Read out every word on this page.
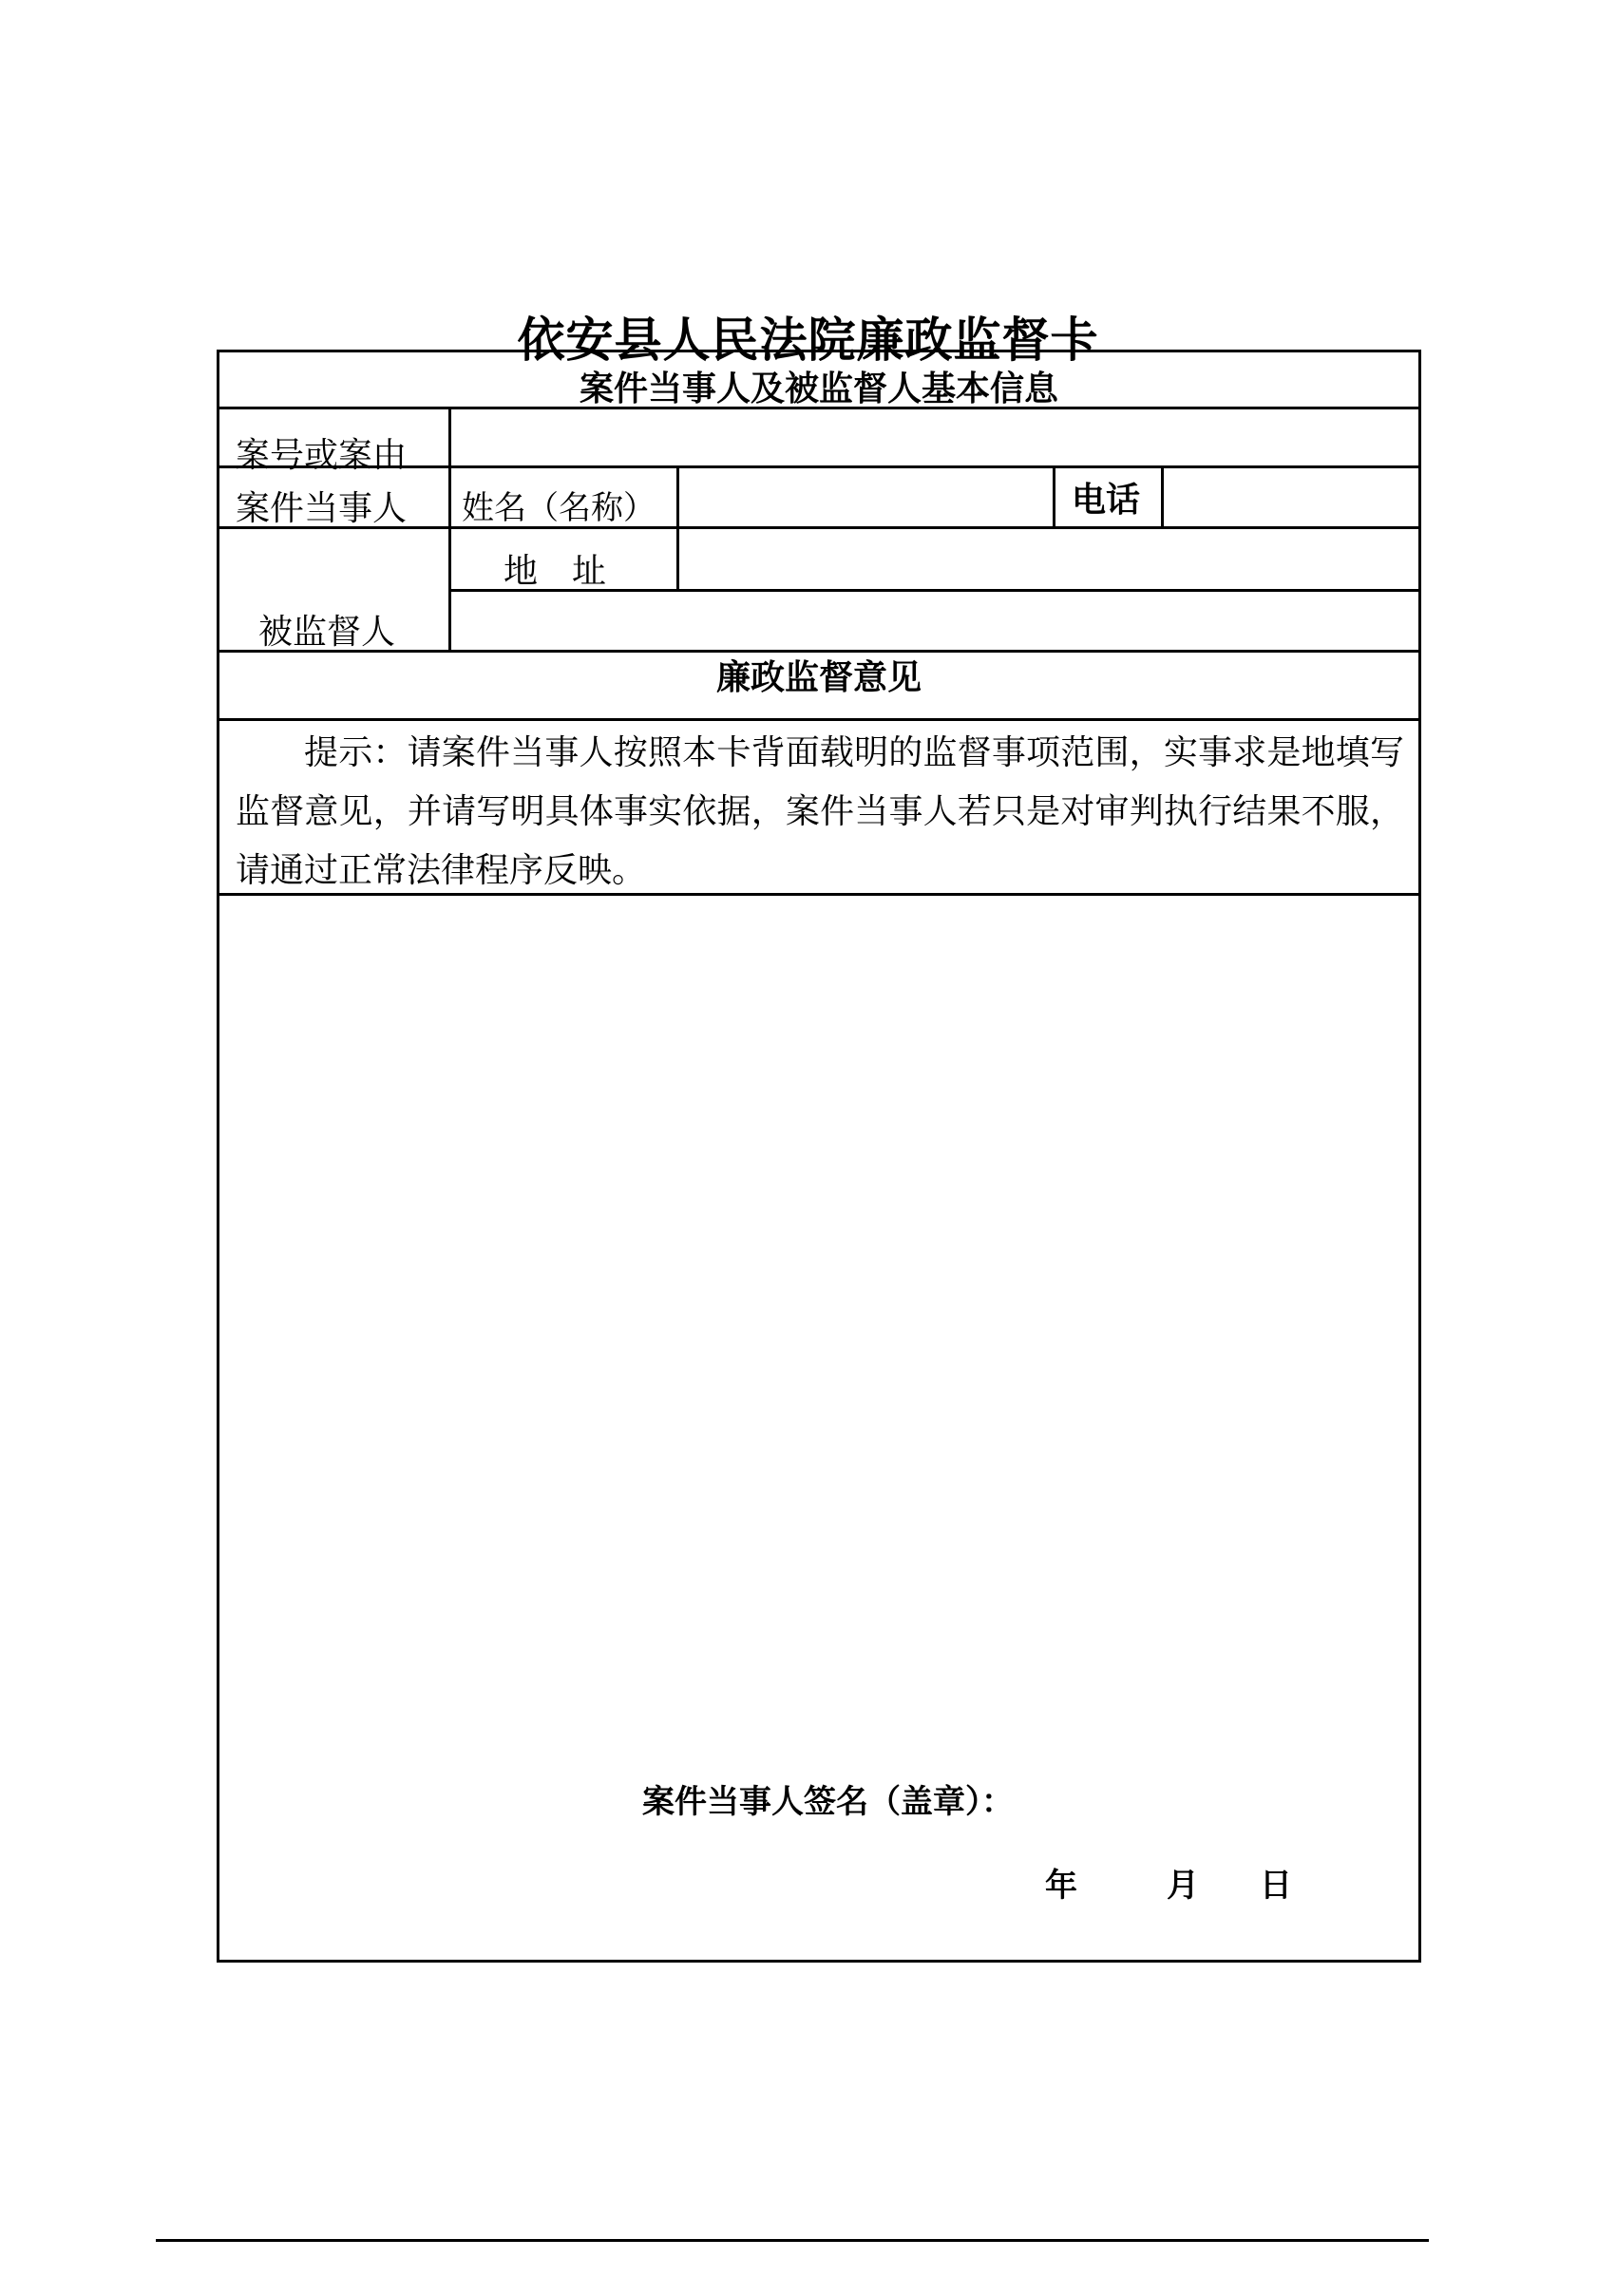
依安县人民法院廉政监督卡
案件当事人及被监督人基本信息
案号或案由
案件当事人 姓名（名称）	电话
地　址
被监督人
廉政监督意见
提示：请案件当事人按照本卡背面载明的监督事项范围，实事求是地填写监督意见，并请写明具体事实依据，案件当事人若只是对审判执行结果不服，请通过正常法律程序反映。
案件当事人签名（盖章）：
年	月 日
